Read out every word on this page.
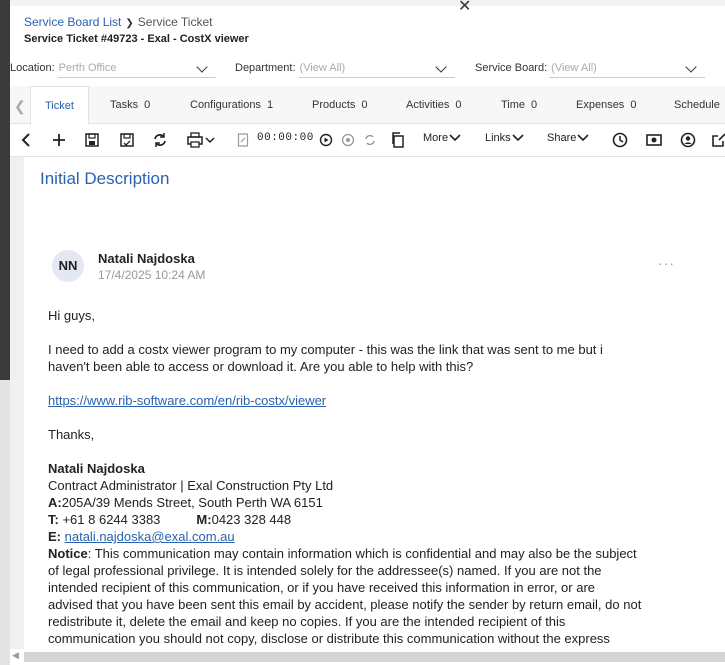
✕
Service Board List ❯ Service Ticket
Service Ticket #49723 - Exal - CostX viewer
Location: Perth Office	Department: (View All)	Service Board: (View All)
❮	Ticket	Tasks 0	Configurations 1	Products 0	Activities 0	Time 0	Expenses 0	Schedule
00:00:00	More	Links	Share
Initial Description
NN	Natali Najdoska
17/4/2025 10:24 AM
···
Hi guys,
I need to add a costx viewer program to my computer - this was the link that was sent to me but i
haven't been able to access or download it. Are you able to help with this?
https://www.rib-software.com/en/rib-costx/viewer
Thanks,
Natali Najdoska
Contract Administrator | Exal Construction Pty Ltd
A:205A/39 Mends Street, South Perth WA 6151
T: +61 8 6244 3383	M:0423 328 448
E: natali.najdoska@exal.com.au
Notice: This communication may contain information which is confidential and may also be the subject
of legal professional privilege. It is intended solely for the addressee(s) named. If you are not the
intended recipient of this communication, or if you have received this information in error, or are
advised that you have been sent this email by accident, please notify the sender by return email, do not
redistribute it, delete the email and keep no copies. If you are the intended recipient of this
communication you should not copy, disclose or distribute this communication without the express
◀
